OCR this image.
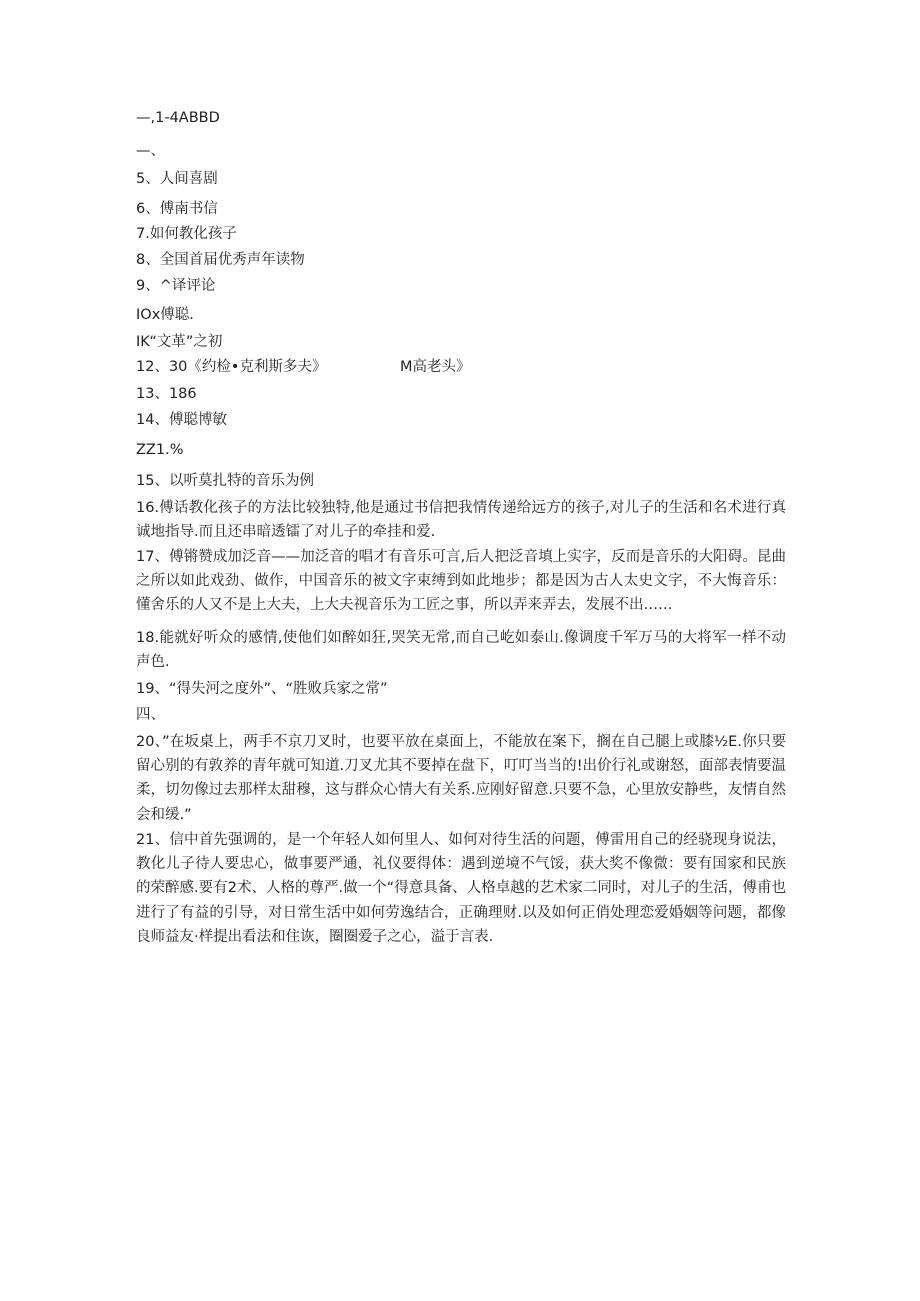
—,1-4ABBD
—、
5、人间喜剧
6、傅南书信
7.如何教化孩子
8、全国首届优秀声年读物
9、^译评论
IOx傅聪.
IK“文革”之初
12、30《约检•克利斯多夫》	M高老头》
13、186
14、傅聪博敏
ZZ1.%
15、以听莫扎特的音乐为例
16.傅话教化孩子的方法比较独特,他是通过书信把我情传递给远方的孩子,对儿子的生活和名术进行真诚地指导.而且还串暗透镭了对儿子的牵挂和爱.
17、傅锵赞成加泛音——加泛音的唱才有音乐可言,后人把泛音填上实字，反而是音乐的大阳碍。昆曲之所以如此戏劲、做作，中国音乐的被文字束缚到如此地步；都是因为古人太史文字，不大悔音乐：懂舍乐的人又不是上大夫，上大夫视音乐为工匠之事，所以弄来弄去，发展不出……
18.能就好听众的感情,使他们如醉如狂,哭笑无常,而自己屹如泰山.像调度千军万马的大将军一样不动声色.
19、“得失河之度外”、“胜败兵家之常”
四、
20、”在坂桌上，两手不京刀叉时，也要平放在桌面上，不能放在案下，搁在自己腿上或膝½E.你只要留心别的有敦养的青年就可知道.刀叉尤其不要掉在盘下，叮叮当当的!出价行礼或谢怒，面部表情要温柔，切勿像过去那样太甜穆，这与群众心情大有关系.应刚好留意.只要不急，心里放安静些，友情自然会和缓.”
21、信中首先强调的，是一个年轻人如何里人、如何对待生活的问题，傅雷用自己的经骁现身说法，教化儿子待人要忠心，做事要严通，礼仪要得体：遇到逆境不气馁，获大奖不像微：要有国家和民族的荣醉感.要有2术、人格的尊严.做一个“得意具备、人格卓越的艺术家二同时，对儿子的生活，傅甫也进行了有益的引导，对日常生活中如何劳逸结合，正确理财.以及如何正俏处理恋爱婚姻等问题，都像良师益友·样提出看法和住诙，圈圈爱子之心，溢于言表.
